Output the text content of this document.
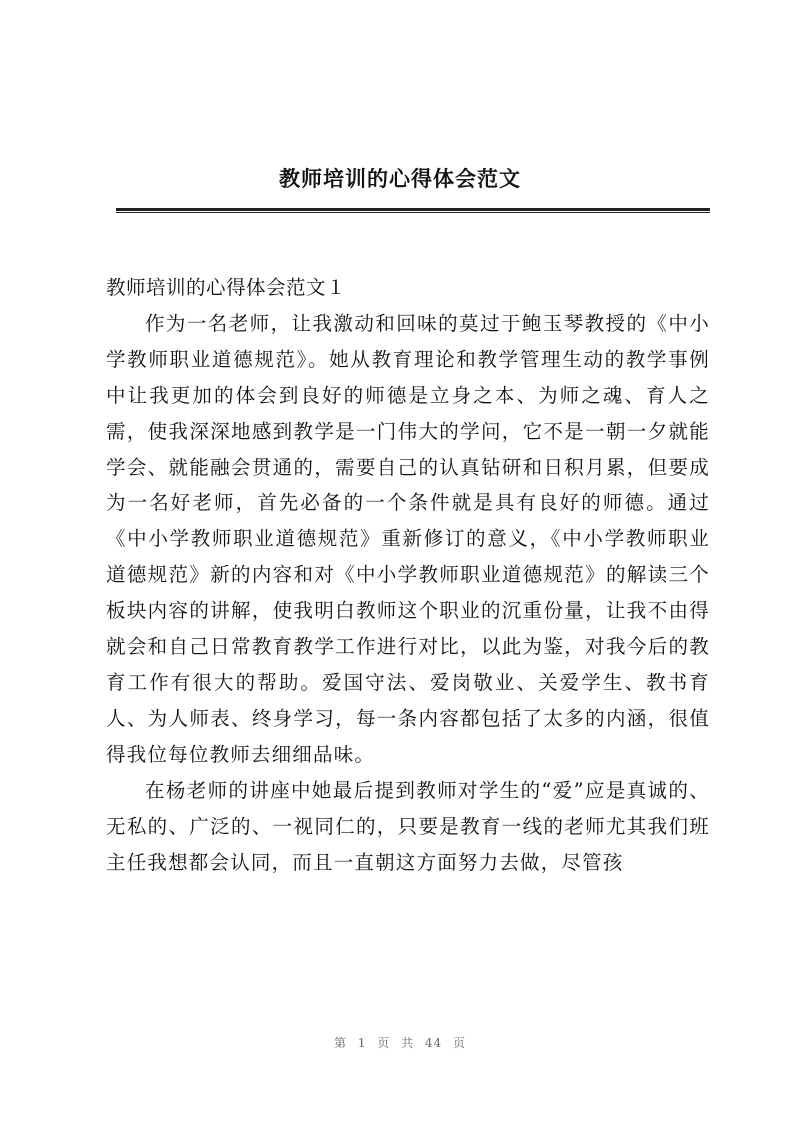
教师培训的心得体会范文

教师培训的心得体会范文１

作为一名老师，让我激动和回味的莫过于鲍玉琴教授的《中小学教师职业道德规范》。她从教育理论和教学管理生动的教学事例中让我更加的体会到良好的师德是立身之本、为师之魂、育人之需，使我深深地感到教学是一门伟大的学问，它不是一朝一夕就能学会、就能融会贯通的，需要自己的认真钻研和日积月累，但要成为一名好老师，首先必备的一个条件就是具有良好的师德。通过《中小学教师职业道德规范》重新修订的意义，《中小学教师职业道德规范》新的内容和对《中小学教师职业道德规范》的解读三个板块内容的讲解，使我明白教师这个职业的沉重份量，让我不由得就会和自己日常教育教学工作进行对比，以此为鉴，对我今后的教育工作有很大的帮助。爱国守法、爱岗敬业、关爱学生、教书育人、为人师表、终身学习，每一条内容都包括了太多的内涵，很值得我位每位教师去细细品味。

在杨老师的讲座中她最后提到教师对学生的“爱”应是真诚的、无私的、广泛的、一视同仁的，只要是教育一线的老师尤其我们班主任我想都会认同，而且一直朝这方面努力去做，尽管孩

第 1 页 共 44 页
